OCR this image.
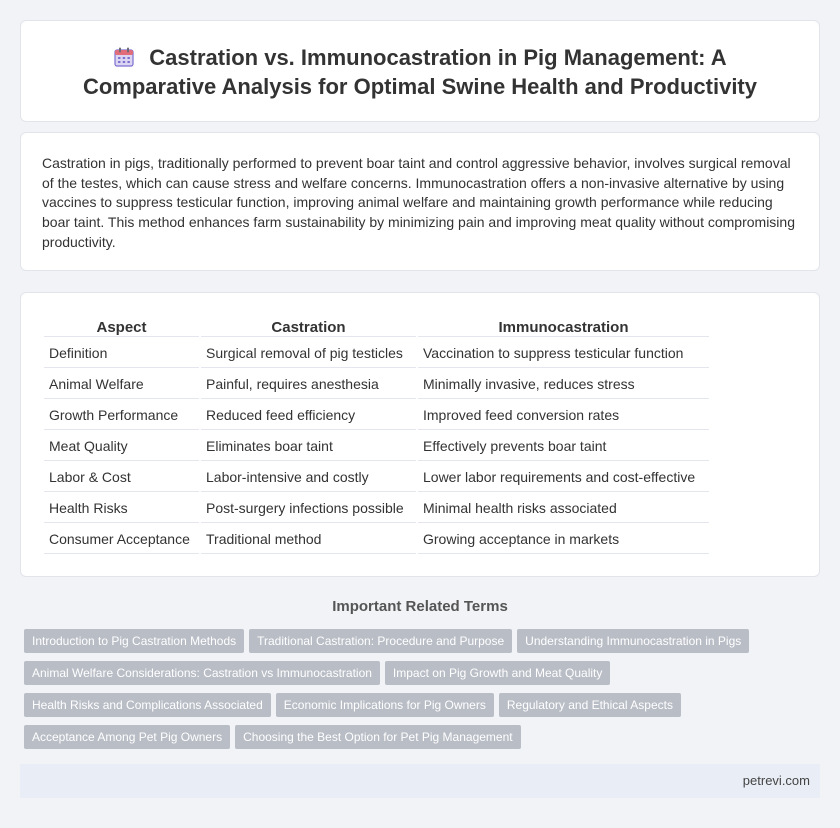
Castration vs. Immunocastration in Pig Management: A Comparative Analysis for Optimal Swine Health and Productivity

Castration in pigs, traditionally performed to prevent boar taint and control aggressive behavior, involves surgical removal of the testes, which can cause stress and welfare concerns. Immunocastration offers a non-invasive alternative by using vaccines to suppress testicular function, improving animal welfare and maintaining growth performance while reducing boar taint. This method enhances farm sustainability by minimizing pain and improving meat quality without compromising productivity.

Aspect	Castration	Immunocastration
Definition	Surgical removal of pig testicles	Vaccination to suppress testicular function
Animal Welfare	Painful, requires anesthesia	Minimally invasive, reduces stress
Growth Performance	Reduced feed efficiency	Improved feed conversion rates
Meat Quality	Eliminates boar taint	Effectively prevents boar taint
Labor & Cost	Labor-intensive and costly	Lower labor requirements and cost-effective
Health Risks	Post-surgery infections possible	Minimal health risks associated
Consumer Acceptance	Traditional method	Growing acceptance in markets
Important Related Terms
Introduction to Pig Castration Methods Traditional Castration: Procedure and Purpose Understanding Immunocastration in Pigs
Animal Welfare Considerations: Castration vs Immunocastration Impact on Pig Growth and Meat Quality
Health Risks and Complications Associated Economic Implications for Pig Owners Regulatory and Ethical Aspects
Acceptance Among Pet Pig Owners Choosing the Best Option for Pet Pig Management
petrevi.com
